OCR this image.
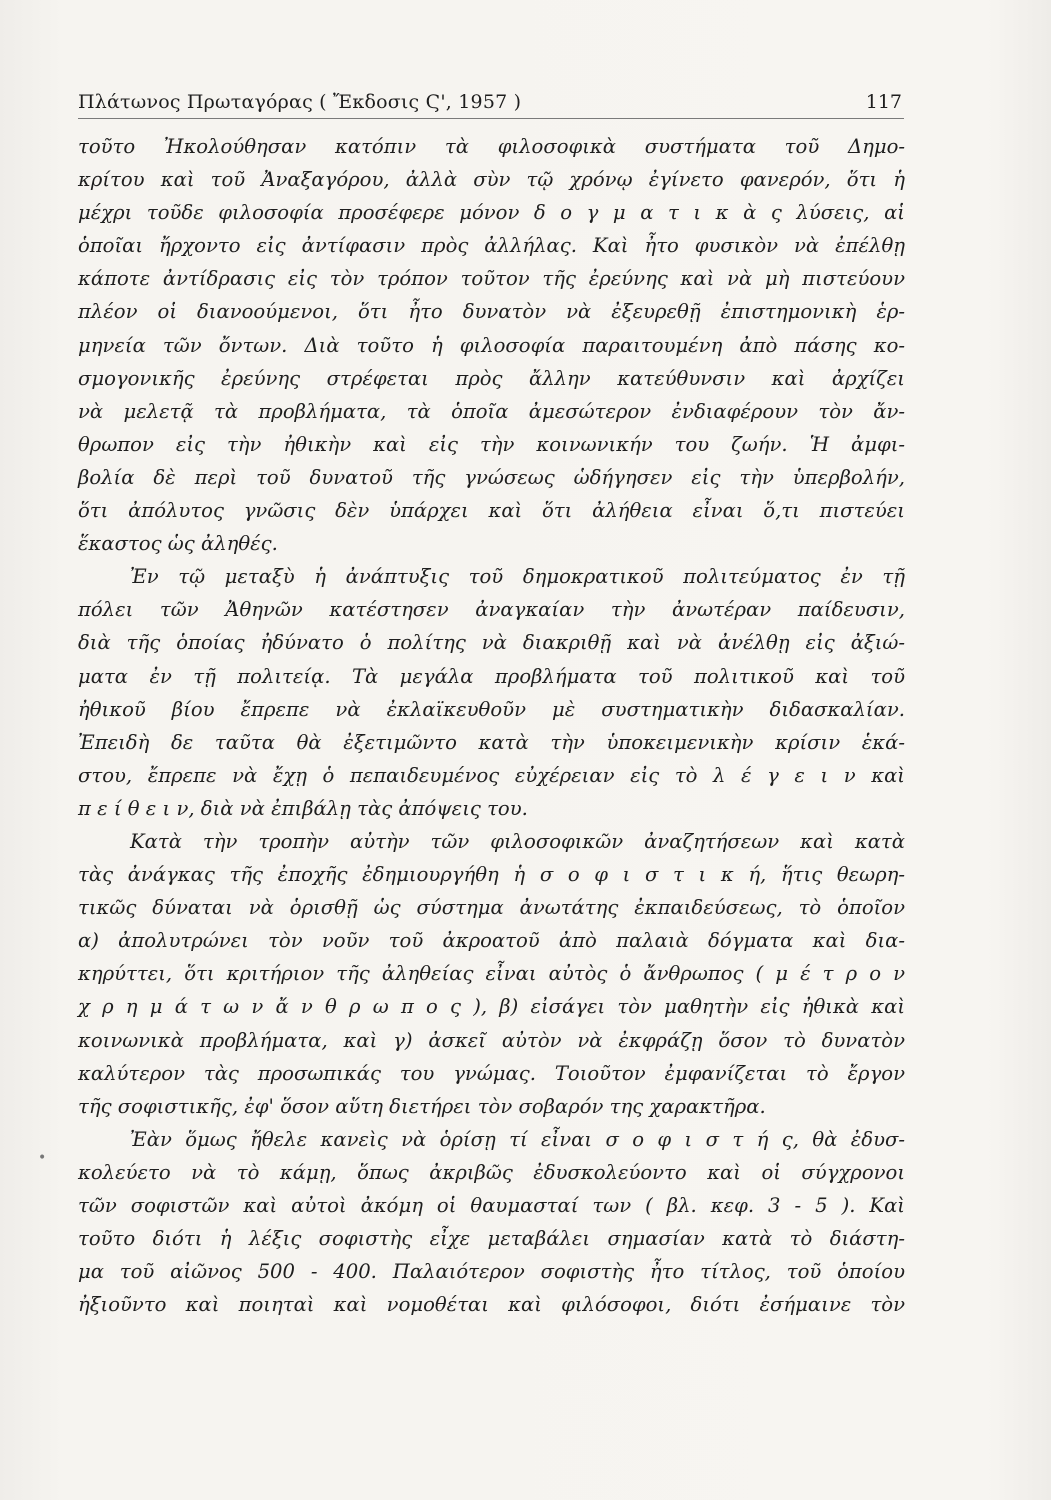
Πλάτωνος Πρωταγόρας ( Ἔκδοσις Ϛ', 1957 )	117

τοῦτο Ἠκολούθησαν κατόπιν τὰ φιλοσοφικὰ συστήματα τοῦ Δημο-

κρίτου καὶ τοῦ Ἀναξαγόρου, ἀλλὰ σὺν τῷ χρόνῳ ἐγίνετο φανερόν, ὅτι ἡ

μέχρι τοῦδε φιλοσοφία προσέφερε μόνον δ ο γ μ α τ ι κ ὰ ς λύσεις, αἱ

ὁποῖαι ἤρχοντο εἰς ἀντίφασιν πρὸς ἀλλήλας. Καὶ ἦτο φυσικὸν νὰ ἐπέλθῃ

κάποτε ἀντίδρασις εἰς τὸν τρόπον τοῦτον τῆς ἐρεύνης καὶ νὰ μὴ πιστεύουν

πλέον οἱ διανοούμενοι, ὅτι ἦτο δυνατὸν νὰ ἐξευρεθῇ ἐπιστημονικὴ ἑρ-

μηνεία τῶν ὄντων. Διὰ τοῦτο ἡ φιλοσοφία παραιτουμένη ἀπὸ πάσης κο-

σμογονικῆς ἐρεύνης στρέφεται πρὸς ἄλλην κατεύθυνσιν καὶ ἀρχίζει

νὰ μελετᾷ τὰ προβλήματα, τὰ ὁποῖα ἀμεσώτερον ἐνδιαφέρουν τὸν ἄν-

θρωπον εἰς τὴν ἠθικὴν καὶ εἰς τὴν κοινωνικήν του ζωήν. Ἡ ἀμφι-

βολία δὲ περὶ τοῦ δυνατοῦ τῆς γνώσεως ὡδήγησεν εἰς τὴν ὑπερβολήν,

ὅτι ἀπόλυτος γνῶσις δὲν ὑπάρχει καὶ ὅτι ἀλήθεια εἶναι ὅ,τι πιστεύει

ἕκαστος ὡς ἀληθές.

Ἐν τῷ μεταξὺ ἡ ἀνάπτυξις τοῦ δημοκρατικοῦ πολιτεύματος ἐν τῇ

πόλει τῶν Ἀθηνῶν κατέστησεν ἀναγκαίαν τὴν ἀνωτέραν παίδευσιν,

διὰ τῆς ὁποίας ἠδύνατο ὁ πολίτης νὰ διακριθῇ καὶ νὰ ἀνέλθῃ εἰς ἀξιώ-

ματα ἐν τῇ πολιτείᾳ. Τὰ μεγάλα προβλήματα τοῦ πολιτικοῦ καὶ τοῦ

ἠθικοῦ βίου ἔπρεπε νὰ ἐκλαϊκευθοῦν μὲ συστηματικὴν διδασκαλίαν.

Ἐπειδὴ δε ταῦτα θὰ ἐξετιμῶντο κατὰ τὴν ὑποκειμενικὴν κρίσιν ἑκά-

στου, ἔπρεπε νὰ ἔχῃ ὁ πεπαιδευμένος εὐχέρειαν εἰς τὸ λ έ γ ε ι ν καὶ

π ε ί θ ε ι ν, διὰ νὰ ἐπιβάλῃ τὰς ἀπόψεις του.

Κατὰ τὴν τροπὴν αὐτὴν τῶν φιλοσοφικῶν ἀναζητήσεων καὶ κατὰ

τὰς ἀνάγκας τῆς ἐποχῆς ἐδημιουργήθη ἡ σ ο φ ι σ τ ι κ ή, ἥτις θεωρη-

τικῶς δύναται νὰ ὁρισθῇ ὡς σύστημα ἀνωτάτης ἐκπαιδεύσεως, τὸ ὁποῖον

α) ἀπολυτρώνει τὸν νοῦν τοῦ ἀκροατοῦ ἀπὸ παλαιὰ δόγματα καὶ δια-

κηρύττει, ὅτι κριτήριον τῆς ἀληθείας εἶναι αὐτὸς ὁ ἄνθρωπος ( μ έ τ ρ ο ν

χ ρ η μ ά τ ω ν ἄ ν θ ρ ω π ο ς ), β) εἰσάγει τὸν μαθητὴν εἰς ἠθικὰ καὶ

κοινωνικὰ προβλήματα, καὶ γ) ἀσκεῖ αὐτὸν νὰ ἐκφράζῃ ὅσον τὸ δυνατὸν

καλύτερον τὰς προσωπικάς του γνώμας. Τοιοῦτον ἐμφανίζεται τὸ ἔργον

τῆς σοφιστικῆς, ἐφ' ὅσον αὕτη διετήρει τὸν σοβαρόν της χαρακτῆρα.

Ἐὰν ὅμως ἤθελε κανεὶς νὰ ὁρίσῃ τί εἶναι σ ο φ ι σ τ ή ς, θὰ ἐδυσ-

κολεύετο νὰ τὸ κάμῃ, ὅπως ἀκριβῶς ἐδυσκολεύοντο καὶ οἱ σύγχρονοι

τῶν σοφιστῶν καὶ αὐτοὶ ἀκόμη οἱ θαυμασταί των ( βλ. κεφ. 3 - 5 ). Καὶ

τοῦτο διότι ἡ λέξις σοφιστὴς εἶχε μεταβάλει σημασίαν κατὰ τὸ διάστη-

μα τοῦ αἰῶνος 500 - 400. Παλαιότερον σοφιστὴς ἦτο τίτλος, τοῦ ὁποίου

ἠξιοῦντο καὶ ποιηταὶ καὶ νομοθέται καὶ φιλόσοφοι, διότι ἐσήμαινε τὸν

•
